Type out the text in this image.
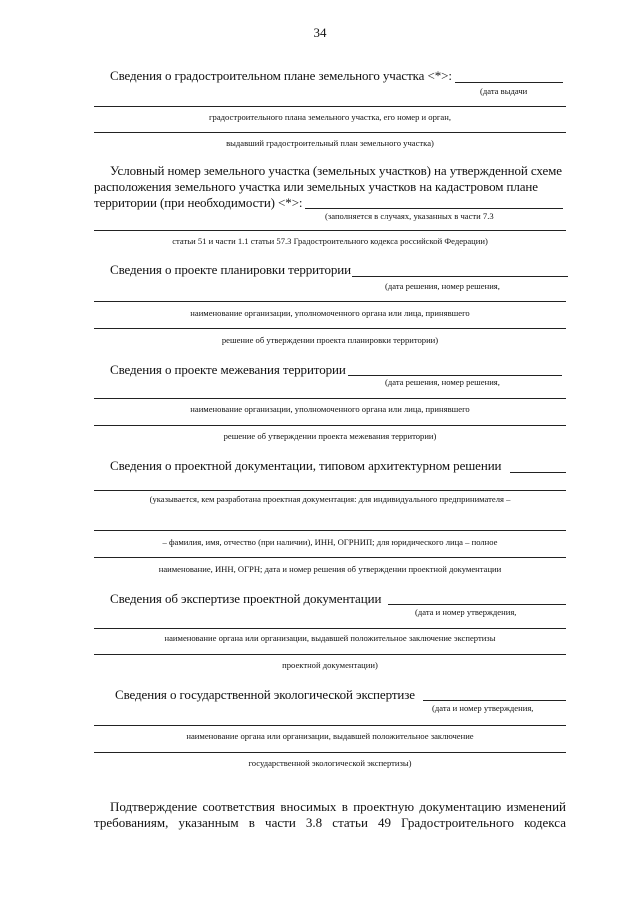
34
Сведения о градостроительном плане земельного участка <*>:
(дата выдачи
градостроительного плана земельного участка, его номер и орган,
выдавший градостроительный план земельного участка)
Условный номер земельного участка (земельных участков) на утвержденной схеме
расположения земельного участка или земельных участков на кадастровом плане
территории (при необходимости) <*>:
(заполняется в случаях, указанных в части 7.3
статьи 51 и части 1.1 статьи 57.3 Градостроительного кодекса российской Федерации)
Сведения о проекте планировки территории
(дата решения, номер решения,
наименование организации, уполномоченного органа или лица, принявшего
решение об утверждении проекта планировки территории)
Сведения о проекте межевания территории
(дата решения, номер решения,
наименование организации, уполномоченного органа или лица, принявшего
решение об утверждении проекта межевания территории)
Сведения о проектной документации, типовом архитектурном решении
(указывается, кем разработана проектная документация: для индивидуального предпринимателя –
– фамилия, имя, отчество (при наличии), ИНН, ОГРНИП; для юридического лица – полное
наименование, ИНН, ОГРН; дата и номер решения об утверждении проектной документации
Сведения об экспертизе проектной документации
(дата и номер утверждения,
наименование органа или организации, выдавшей положительное заключение экспертизы
проектной документации)
Сведения о государственной экологической экспертизе
(дата и номер утверждения,
наименование органа или организации, выдавшей положительное заключение
государственной экологической экспертизы)
Подтверждение соответствия вносимых в проектную документацию изменений
требованиям, указанным в части 3.8 статьи 49 Градостроительного кодекса
